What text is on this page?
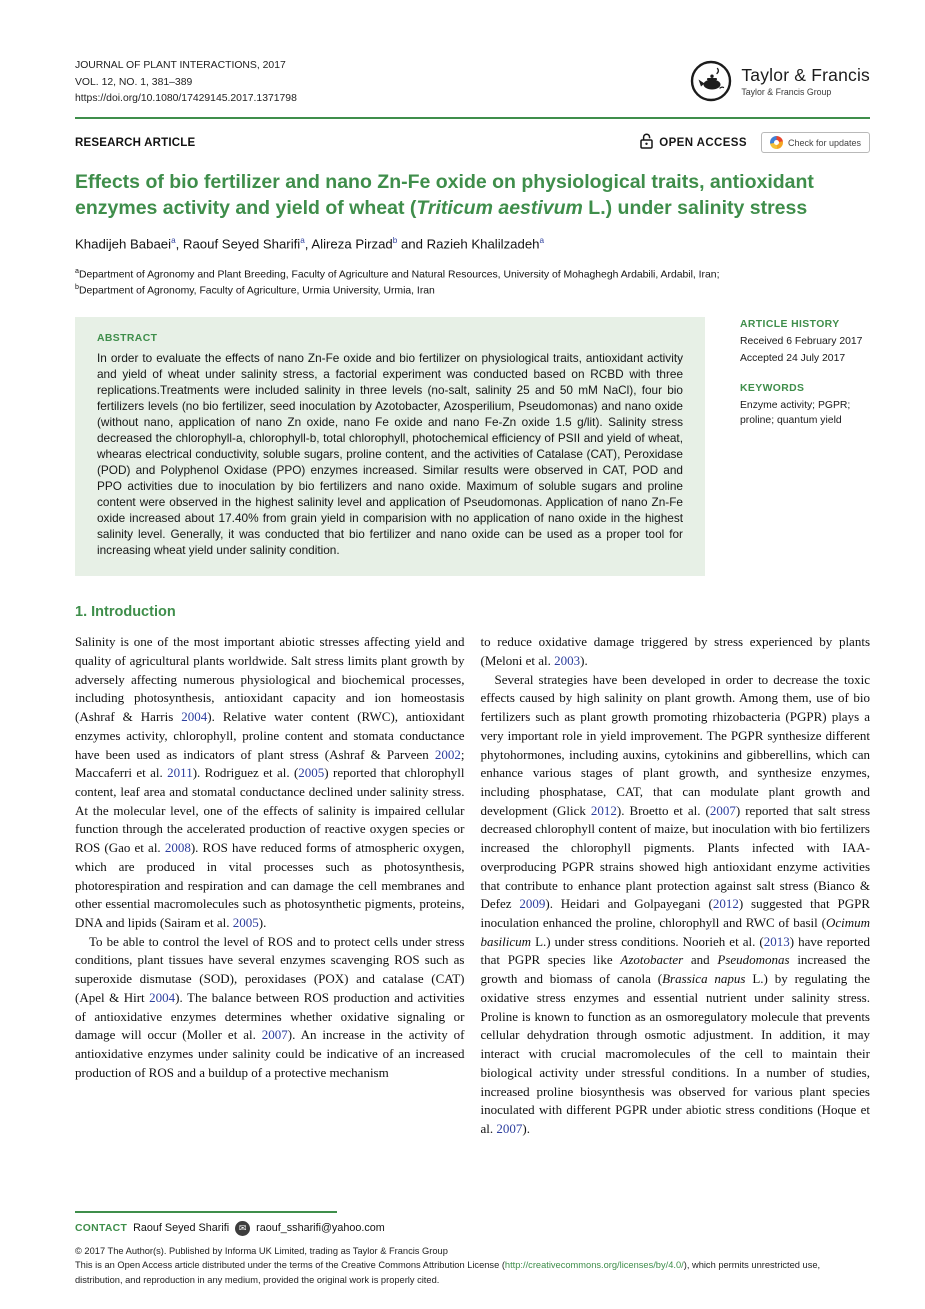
JOURNAL OF PLANT INTERACTIONS, 2017
VOL. 12, NO. 1, 381–389
https://doi.org/10.1080/17429145.2017.1371798
Taylor & Francis
Taylor & Francis Group
RESEARCH ARTICLE	OPEN ACCESS	Check for updates
Effects of bio fertilizer and nano Zn-Fe oxide on physiological traits, antioxidant enzymes activity and yield of wheat (Triticum aestivum L.) under salinity stress
Khadijeh Babaei$^a$, Raouf Seyed Sharifi$^a$, Alireza Pirzad$^b$ and Razieh Khalilzadeh$^a$
$^a$Department of Agronomy and Plant Breeding, Faculty of Agriculture and Natural Resources, University of Mohaghegh Ardabili, Ardabil, Iran;
$^b$Department of Agronomy, Faculty of Agriculture, Urmia University, Urmia, Iran
ABSTRACT

In order to evaluate the effects of nano Zn-Fe oxide and bio fertilizer on physiological traits, antioxidant activity and yield of wheat under salinity stress, a factorial experiment was conducted based on RCBD with three replications.Treatments were included salinity in three levels (no-salt, salinity 25 and 50 mM NaCl), four bio fertilizers levels (no bio fertilizer, seed inoculation by Azotobacter, Azosperilium, Pseudomonas) and nano oxide (without nano, application of nano Zn oxide, nano Fe oxide and nano Fe-Zn oxide 1.5 g/lit). Salinity stress decreased the chlorophyll-a, chlorophyll-b, total chlorophyll, photochemical efficiency of PSII and yield of wheat, whearas electrical conductivity, soluble sugars, proline content, and the activities of Catalase (CAT), Peroxidase (POD) and Polyphenol Oxidase (PPO) enzymes increased. Similar results were observed in CAT, POD and PPO activities due to inoculation by bio fertilizers and nano oxide. Maximum of soluble sugars and proline content were observed in the highest salinity level and application of Pseudomonas. Application of nano Zn-Fe oxide increased about 17.40% from grain yield in comparision with no application of nano oxide in the highest salinity level. Generally, it was conducted that bio fertilizer and nano oxide can be used as a proper tool for increasing wheat yield under salinity condition.

ARTICLE HISTORY
Received 6 February 2017
Accepted 24 July 2017
KEYWORDS
Enzyme activity; PGPR; proline; quantum yield
1. Introduction

Salinity is one of the most important abiotic stresses affecting yield and quality of agricultural plants worldwide. Salt stress limits plant growth by adversely affecting numerous physiological and biochemical processes, including photosynthesis, antioxidant capacity and ion homeostasis (Ashraf & Harris 2004). Relative water content (RWC), antioxidant enzymes activity, chlorophyll, proline content and stomata conductance have been used as indicators of plant stress (Ashraf & Parveen 2002; Maccaferri et al. 2011). Rodriguez et al. (2005) reported that chlorophyll content, leaf area and stomatal conductance declined under salinity stress. At the molecular level, one of the effects of salinity is impaired cellular function through the accelerated production of reactive oxygen species or ROS (Gao et al. 2008). ROS have reduced forms of atmospheric oxygen, which are produced in vital processes such as photosynthesis, photorespiration and respiration and can damage the cell membranes and other essential macromolecules such as photosynthetic pigments, proteins, DNA and lipids (Sairam et al. 2005).

To be able to control the level of ROS and to protect cells under stress conditions, plant tissues have several enzymes scavenging ROS such as superoxide dismutase (SOD), peroxidases (POX) and catalase (CAT) (Apel & Hirt 2004). The balance between ROS production and activities of antioxidative enzymes determines whether oxidative signaling or damage will occur (Moller et al. 2007). An increase in the activity of antioxidative enzymes under salinity could be indicative of an increased production of ROS and a buildup of a protective mechanism

to reduce oxidative damage triggered by stress experienced by plants (Meloni et al. 2003).

Several strategies have been developed in order to decrease the toxic effects caused by high salinity on plant growth. Among them, use of bio fertilizers such as plant growth promoting rhizobacteria (PGPR) plays a very important role in yield improvement. The PGPR synthesize different phytohormones, including auxins, cytokinins and gibberellins, which can enhance various stages of plant growth, and synthesize enzymes, including phosphatase, CAT, that can modulate plant growth and development (Glick 2012). Broetto et al. (2007) reported that salt stress decreased chlorophyll content of maize, but inoculation with bio fertilizers increased the chlorophyll pigments. Plants infected with IAA-overproducing PGPR strains showed high antioxidant enzyme activities that contribute to enhance plant protection against salt stress (Bianco & Defez 2009). Heidari and Golpayegani (2012) suggested that PGPR inoculation enhanced the proline, chlorophyll and RWC of basil (Ocimum basilicum L.) under stress conditions. Noorieh et al. (2013) have reported that PGPR species like Azotobacter and Pseudomonas increased the growth and biomass of canola (Brassica napus L.) by regulating the oxidative stress enzymes and essential nutrient under salinity stress. Proline is known to function as an osmoregulatory molecule that prevents cellular dehydration through osmotic adjustment. In addition, it may interact with crucial macromolecules of the cell to maintain their biological activity under stressful conditions. In a number of studies, increased proline biosynthesis was observed for various plant species inoculated with different PGPR under abiotic stress conditions (Hoque et al. 2007).

CONTACT Raouf Seyed Sharifi	✉ raouf_ssharifi@yahoo.com
© 2017 The Author(s). Published by Informa UK Limited, trading as Taylor & Francis Group
This is an Open Access article distributed under the terms of the Creative Commons Attribution License (http://creativecommons.org/licenses/by/4.0/), which permits unrestricted use, distribution, and reproduction in any medium, provided the original work is properly cited.
